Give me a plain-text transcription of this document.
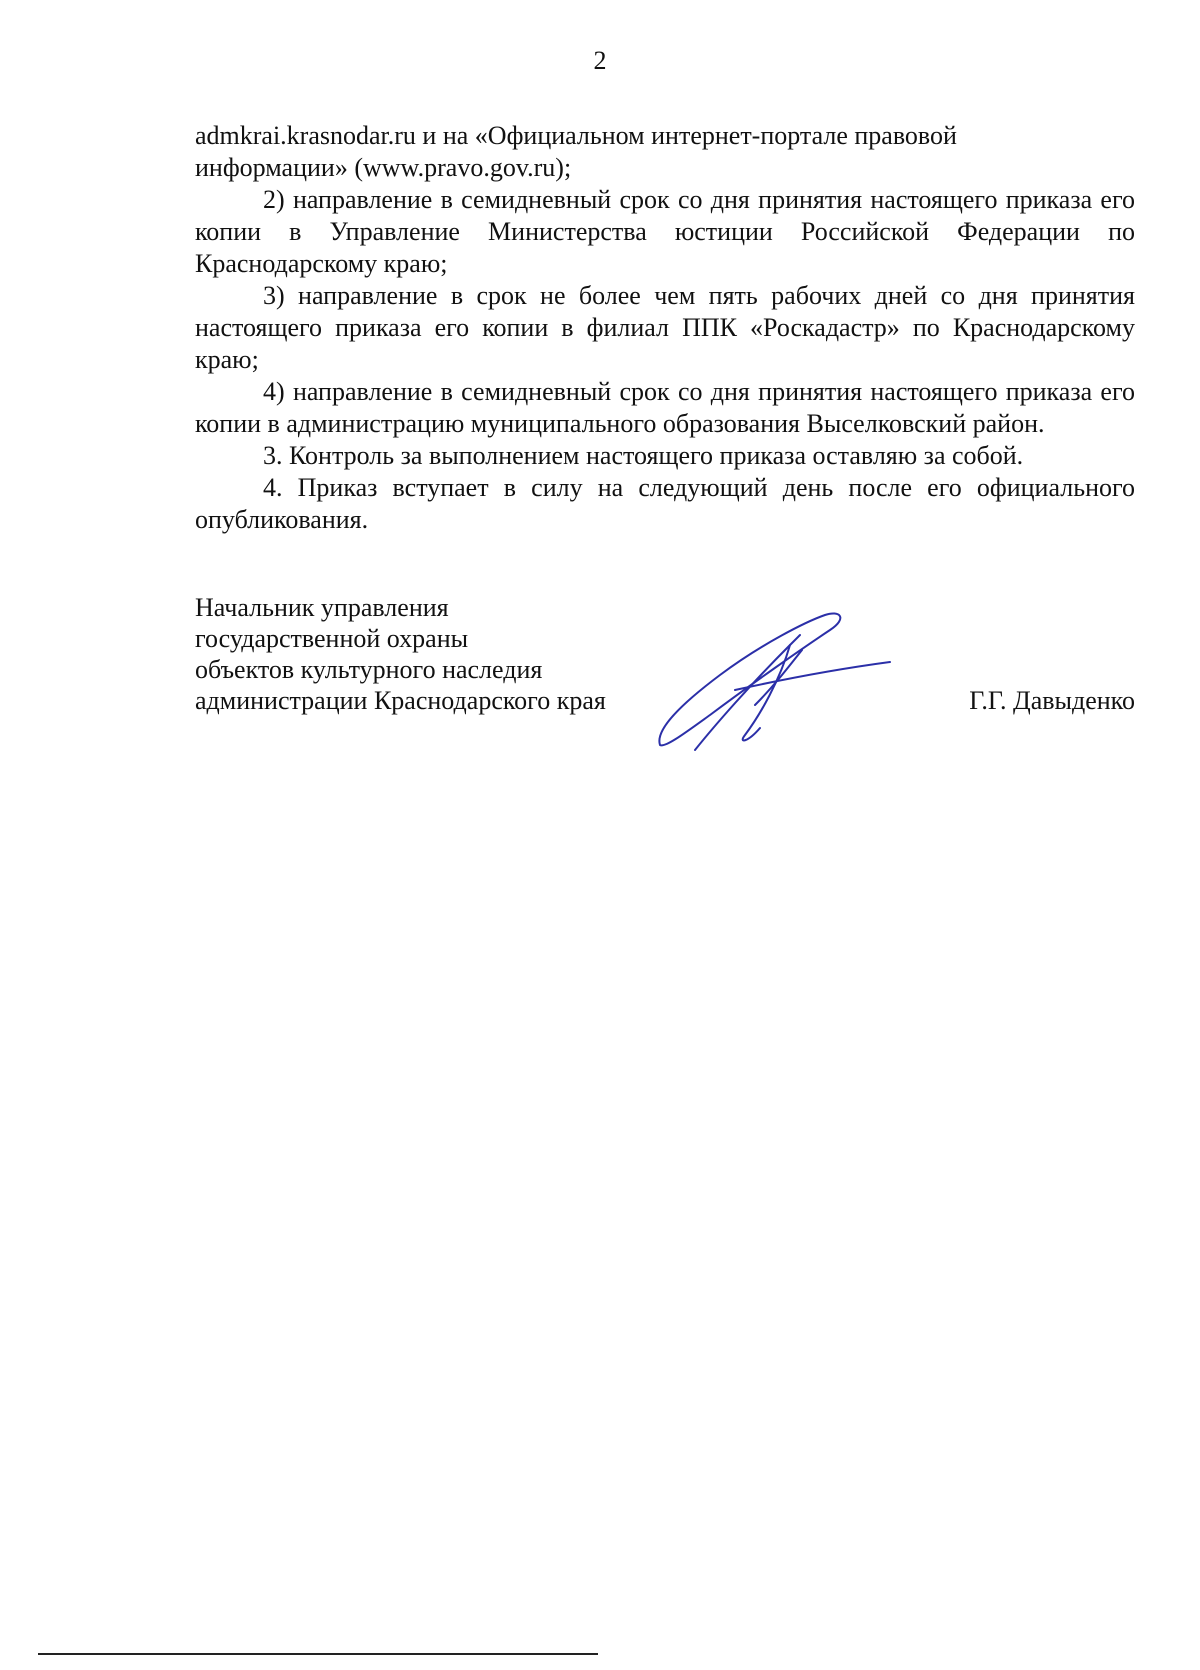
2

admkrai.krasnodar.ru и на «Официальном интернет-портале правовой

информации» (www.pravo.gov.ru);

2) направление в семидневный срок со дня принятия настоящего приказа его копии в Управление Министерства юстиции Российской Федерации по Краснодарскому краю;

3) направление в срок не более чем пять рабочих дней со дня принятия настоящего приказа его копии в филиал ППК «Роскадастр» по Краснодарскому краю;

4) направление в семидневный срок со дня принятия настоящего приказа его копии в администрацию муниципального образования Выселковский район.

3. Контроль за выполнением настоящего приказа оставляю за собой.

4. Приказ вступает в силу на следующий день после его официального опубликования.

Начальник управления
государственной охраны
объектов культурного наследия
администрации Краснодарского края	Г.Г. Давыденко
